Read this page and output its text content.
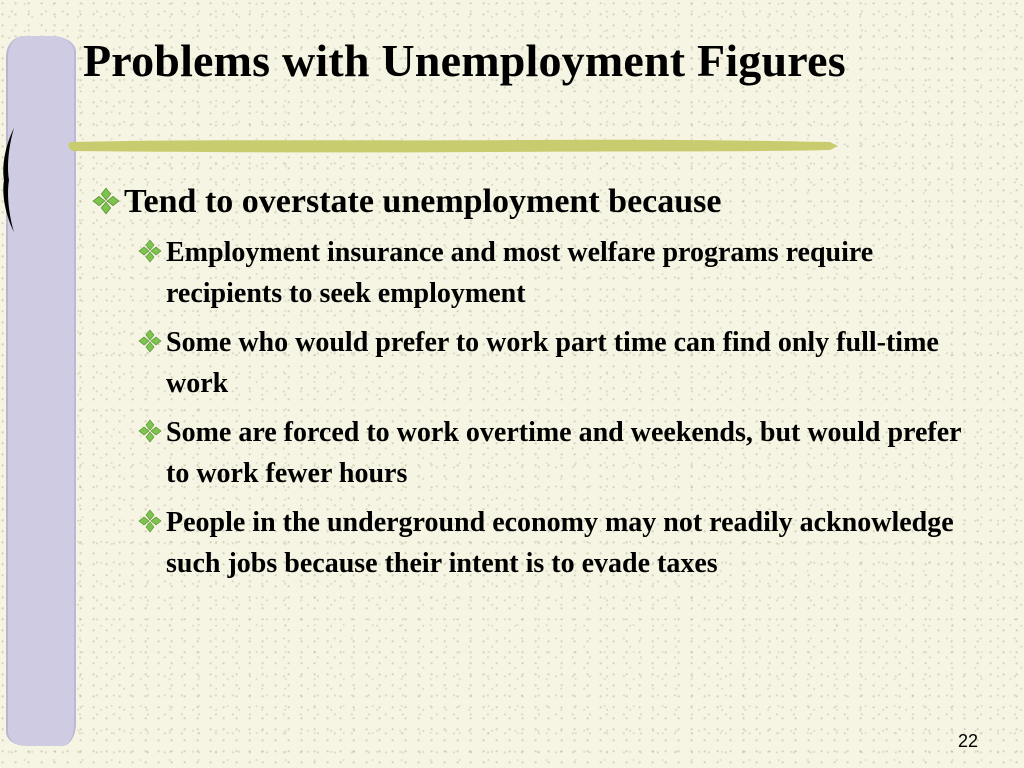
Problems with Unemployment Figures
Tend to overstate unemployment because
Employment insurance and most welfare programs require recipients to seek employment
Some who would prefer to work part time can find only full-time work
Some are forced to work overtime and weekends, but would prefer to work fewer hours
People in the underground economy may not readily acknowledge such jobs because their intent is to evade taxes
22
